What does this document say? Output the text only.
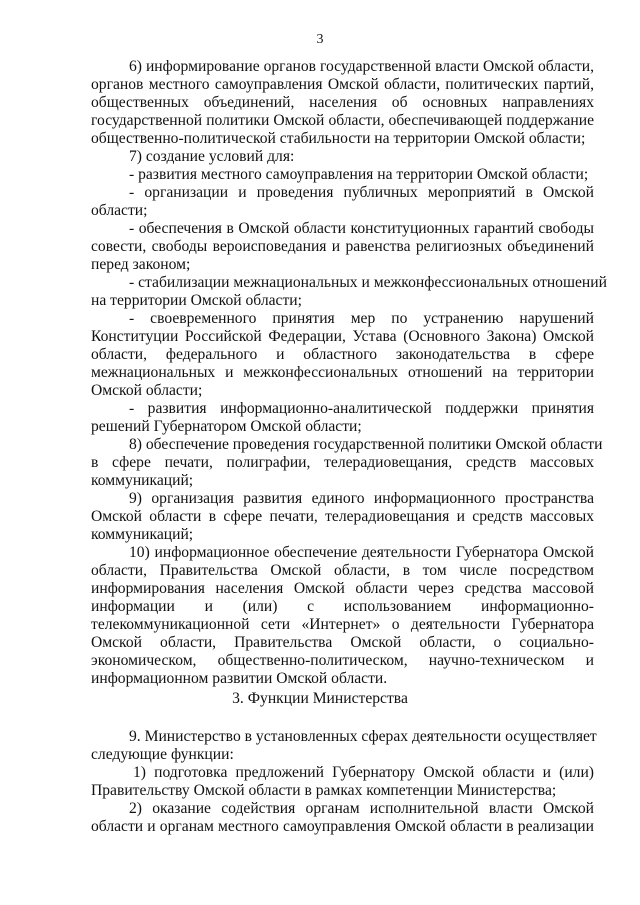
3
6) информирование органов государственной власти Омской области,
органов местного самоуправления Омской области, политических партий,
общественных объединений, населения об основных направлениях
государственной политики Омской области, обеспечивающей поддержание
общественно-политической стабильности на территории Омской области;
7) создание условий для:
- развития местного самоуправления на территории Омской области;
- организации и проведения публичных мероприятий в Омской
области;
- обеспечения в Омской области конституционных гарантий свободы
совести, свободы вероисповедания и равенства религиозных объединений
перед законом;
- стабилизации межнациональных и межконфессиональных отношений
на территории Омской области;
- своевременного принятия мер по устранению нарушений
Конституции Российской Федерации, Устава (Основного Закона) Омской
области, федерального и областного законодательства в сфере
межнациональных и межконфессиональных отношений на территории
Омской области;
- развития информационно-аналитической поддержки принятия
решений Губернатором Омской области;
8) обеспечение проведения государственной политики Омской области
в сфере печати, полиграфии, телерадиовещания, средств массовых
коммуникаций;
9) организация развития единого информационного пространства
Омской области в сфере печати, телерадиовещания и средств массовых
коммуникаций;
10) информационное обеспечение деятельности Губернатора Омской
области, Правительства Омской области, в том числе посредством
информирования населения Омской области через средства массовой
информации и (или) с использованием информационно-
телекоммуникационной сети «Интернет» о деятельности Губернатора
Омской области, Правительства Омской области, о социально-
экономическом, общественно-политическом, научно-техническом и
информационном развитии Омской области.
3. Функции Министерства
9. Министерство в установленных сферах деятельности осуществляет
следующие функции:
1) подготовка предложений Губернатору Омской области и (или)
Правительству Омской области в рамках компетенции Министерства;
2) оказание содействия органам исполнительной власти Омской
области и органам местного самоуправления Омской области в реализации
